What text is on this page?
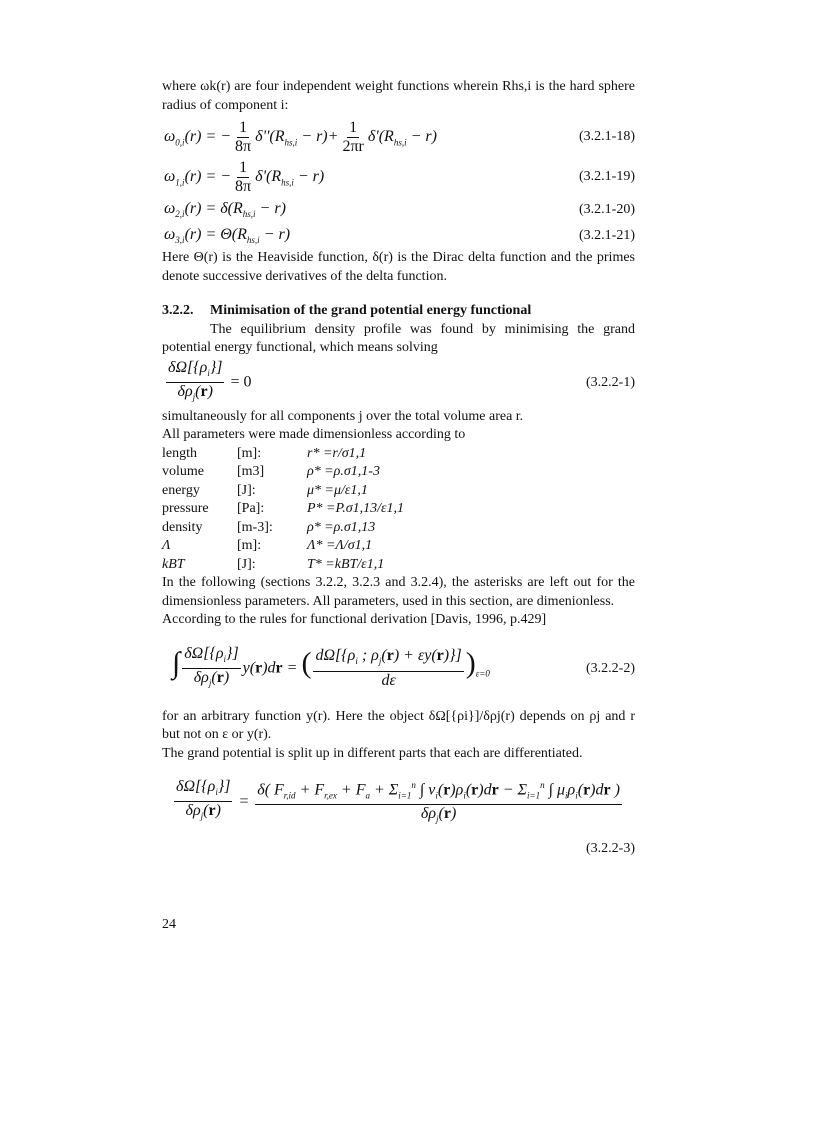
where ωk(r) are four independent weight functions wherein Rhs,i is the hard sphere radius of component i:

$\omega_{0,i}(r)$ = − $\frac{1}{8\pi} \delta''(R_{hs,i} - r)+ \frac{1}{2\pi r} \delta'(R_{hs,i} - r)$	(3.2.1-18)
$\omega_{1,i}(r)$ = − $\frac{1}{8\pi} \delta'(R_{hs,i} - r)$	(3.2.1-19)
$\omega_{2,i}(r) = \delta(R_{hs,i} - r)$	(3.2.1-20)
$\omega_{3,i}(r) = \Theta(R_{hs,i} - r)$	(3.2.1-21)

Here Θ(r) is the Heaviside function, δ(r) is the Dirac delta function and the primes denote successive derivatives of the delta function.

3.2.2. Minimisation of the grand potential energy functional

The equilibrium density profile was found by minimising the grand potential energy functional, which means solving

$\frac{\delta\Omega[\{\rho_i\}]}{\delta\rho_j(r)} = 0$	(3.2.2-1)

simultaneously for all components j over the total volume area r.

All parameters were made dimensionless according to

length	[m]:	r* =r/σ1,1
volume	[m3]	ρ* =ρ.σ1,1-3
energy	[J]:	μ* =μ/ε1,1
pressure	[Pa]:	P* =P.σ1,13/ε1,1
density	[m-3]:	ρ* =ρ.σ1,13
Λ	[m]:	Λ* =Λ/σ1,1
kBT	[J]:	T* =kBT/ε1,1

In the following (sections 3.2.2, 3.2.3 and 3.2.4), the asterisks are left out for the dimensionless parameters. All parameters, used in this section, are dimenionless.

According to the rules for functional derivation [Davis, 1996, p.429]

∫ $\frac{\delta\Omega[\{\rho_i\}]}{\delta\rho_j(r)} y(r)dr$ = ( $\frac{d\Omega[\{\rho_i ; \rho_j(r) + \varepsilon y(r)\}]}{d\varepsilon} )_{\varepsilon=0}$	(3.2.2-2)

for an arbitrary function y(r). Here the object δΩ[{ρi}]/δρj(r) depends on ρj and r but not on ε or y(r).

The grand potential is split up in different parts that each are differentiated.

$\frac{\delta\Omega[\{\rho_i\}]}{\delta\rho_j(r)}$ =
δ( $F_{r,id} + F_{r,ex} + F_a + \Sigma_{i=1}^n$ ∫ $v_i(r)\rho_i(r)dr - \Sigma_{i=1}^n$ ∫ $\mu_i\rho_i(r)dr$ )
$\delta\rho_j(r)$
(3.2.2-3)
24
